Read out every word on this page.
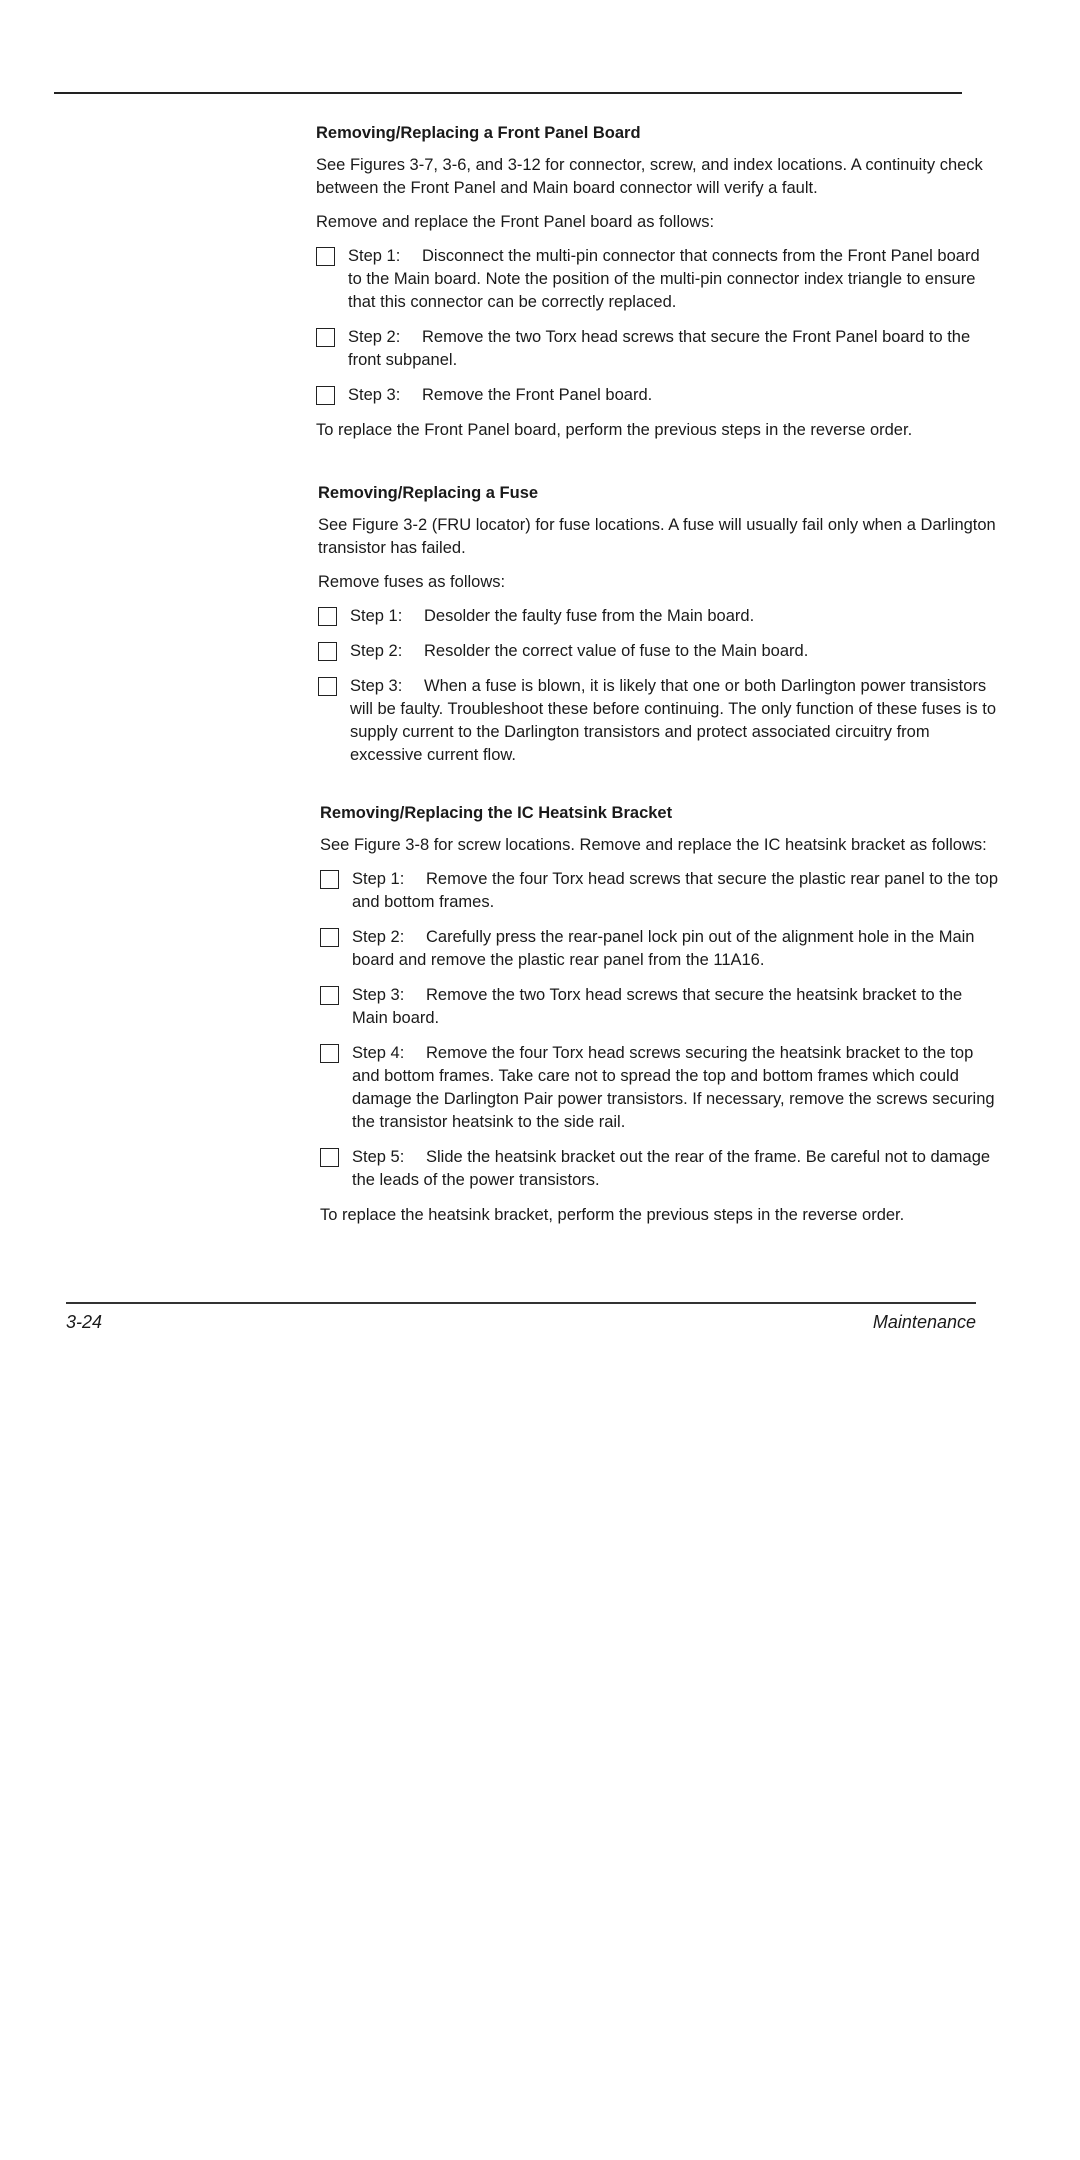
Removing/Replacing a Front Panel Board

See Figures 3-7, 3-6, and 3-12 for connector, screw, and index locations. A continuity check between the Front Panel and Main board connector will verify a fault.

Remove and replace the Front Panel board as follows:

Step 1: Disconnect the multi-pin connector that connects from the Front Panel board to the Main board. Note the position of the multi-pin connector index triangle to ensure that this connector can be correctly replaced.
Step 2: Remove the two Torx head screws that secure the Front Panel board to the front subpanel.
Step 3: Remove the Front Panel board.

To replace the Front Panel board, perform the previous steps in the reverse order.

Removing/Replacing a Fuse

See Figure 3-2 (FRU locator) for fuse locations. A fuse will usually fail only when a Darlington transistor has failed.

Remove fuses as follows:

Step 1: Desolder the faulty fuse from the Main board.
Step 2: Resolder the correct value of fuse to the Main board.
Step 3: When a fuse is blown, it is likely that one or both Darlington power transistors will be faulty. Troubleshoot these before continuing. The only function of these fuses is to supply current to the Darlington transistors and protect associated circuitry from excessive current flow.
Removing/Replacing the IC Heatsink Bracket

See Figure 3-8 for screw locations. Remove and replace the IC heatsink bracket as follows:

Step 1: Remove the four Torx head screws that secure the plastic rear panel to the top and bottom frames.
Step 2: Carefully press the rear-panel lock pin out of the alignment hole in the Main board and remove the plastic rear panel from the 11A16.
Step 3: Remove the two Torx head screws that secure the heatsink bracket to the Main board.
Step 4: Remove the four Torx head screws securing the heatsink bracket to the top and bottom frames. Take care not to spread the top and bottom frames which could damage the Darlington Pair power transistors. If necessary, remove the screws securing the transistor heatsink to the side rail.
Step 5: Slide the heatsink bracket out the rear of the frame. Be careful not to damage the leads of the power transistors.

To replace the heatsink bracket, perform the previous steps in the reverse order.

3-24	Maintenance
